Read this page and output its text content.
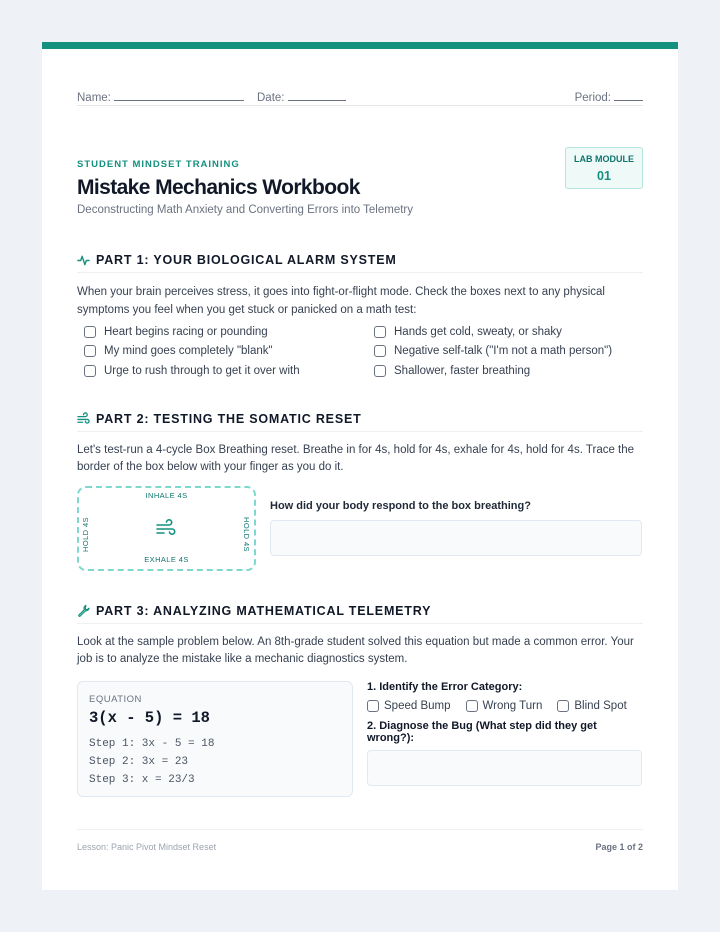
Name:	Date:	Period:
STUDENT MINDSET TRAINING
Mistake Mechanics Workbook
Deconstructing Math Anxiety and Converting Errors into Telemetry
LAB MODULE
01
PART 1: YOUR BIOLOGICAL ALARM SYSTEM
When your brain perceives stress, it goes into fight-or-flight mode. Check the boxes next to any physical symptoms you feel when you get stuck or panicked on a math test:
Heart begins racing or pounding	Hands get cold, sweaty, or shaky
My mind goes completely "blank"	Negative self-talk ("I'm not a math person")
Urge to rush through to get it over with	Shallower, faster breathing
PART 2: TESTING THE SOMATIC RESET
Let's test-run a 4-cycle Box Breathing reset. Breathe in for 4s, hold for 4s, exhale for 4s, hold for 4s. Trace the border of the box below with your finger as you do it.
INHALE 4S
HOLD 4S
EXHALE 4S
HOLD 4S
How did your body respond to the box breathing?
PART 3: ANALYZING MATHEMATICAL TELEMETRY
Look at the sample problem below. An 8th-grade student solved this equation but made a common error. Your job is to analyze the mistake like a mechanic diagnostics system.
EQUATION
3(x - 5) = 18
Step 1: 3x - 5 = 18
Step 2: 3x = 23
Step 3: x = 23/3
1. Identify the Error Category:
Speed Bump	Wrong Turn	Blind Spot
2. Diagnose the Bug (What step did they get wrong?):
Lesson: Panic Pivot Mindset Reset	Page 1 of 2
